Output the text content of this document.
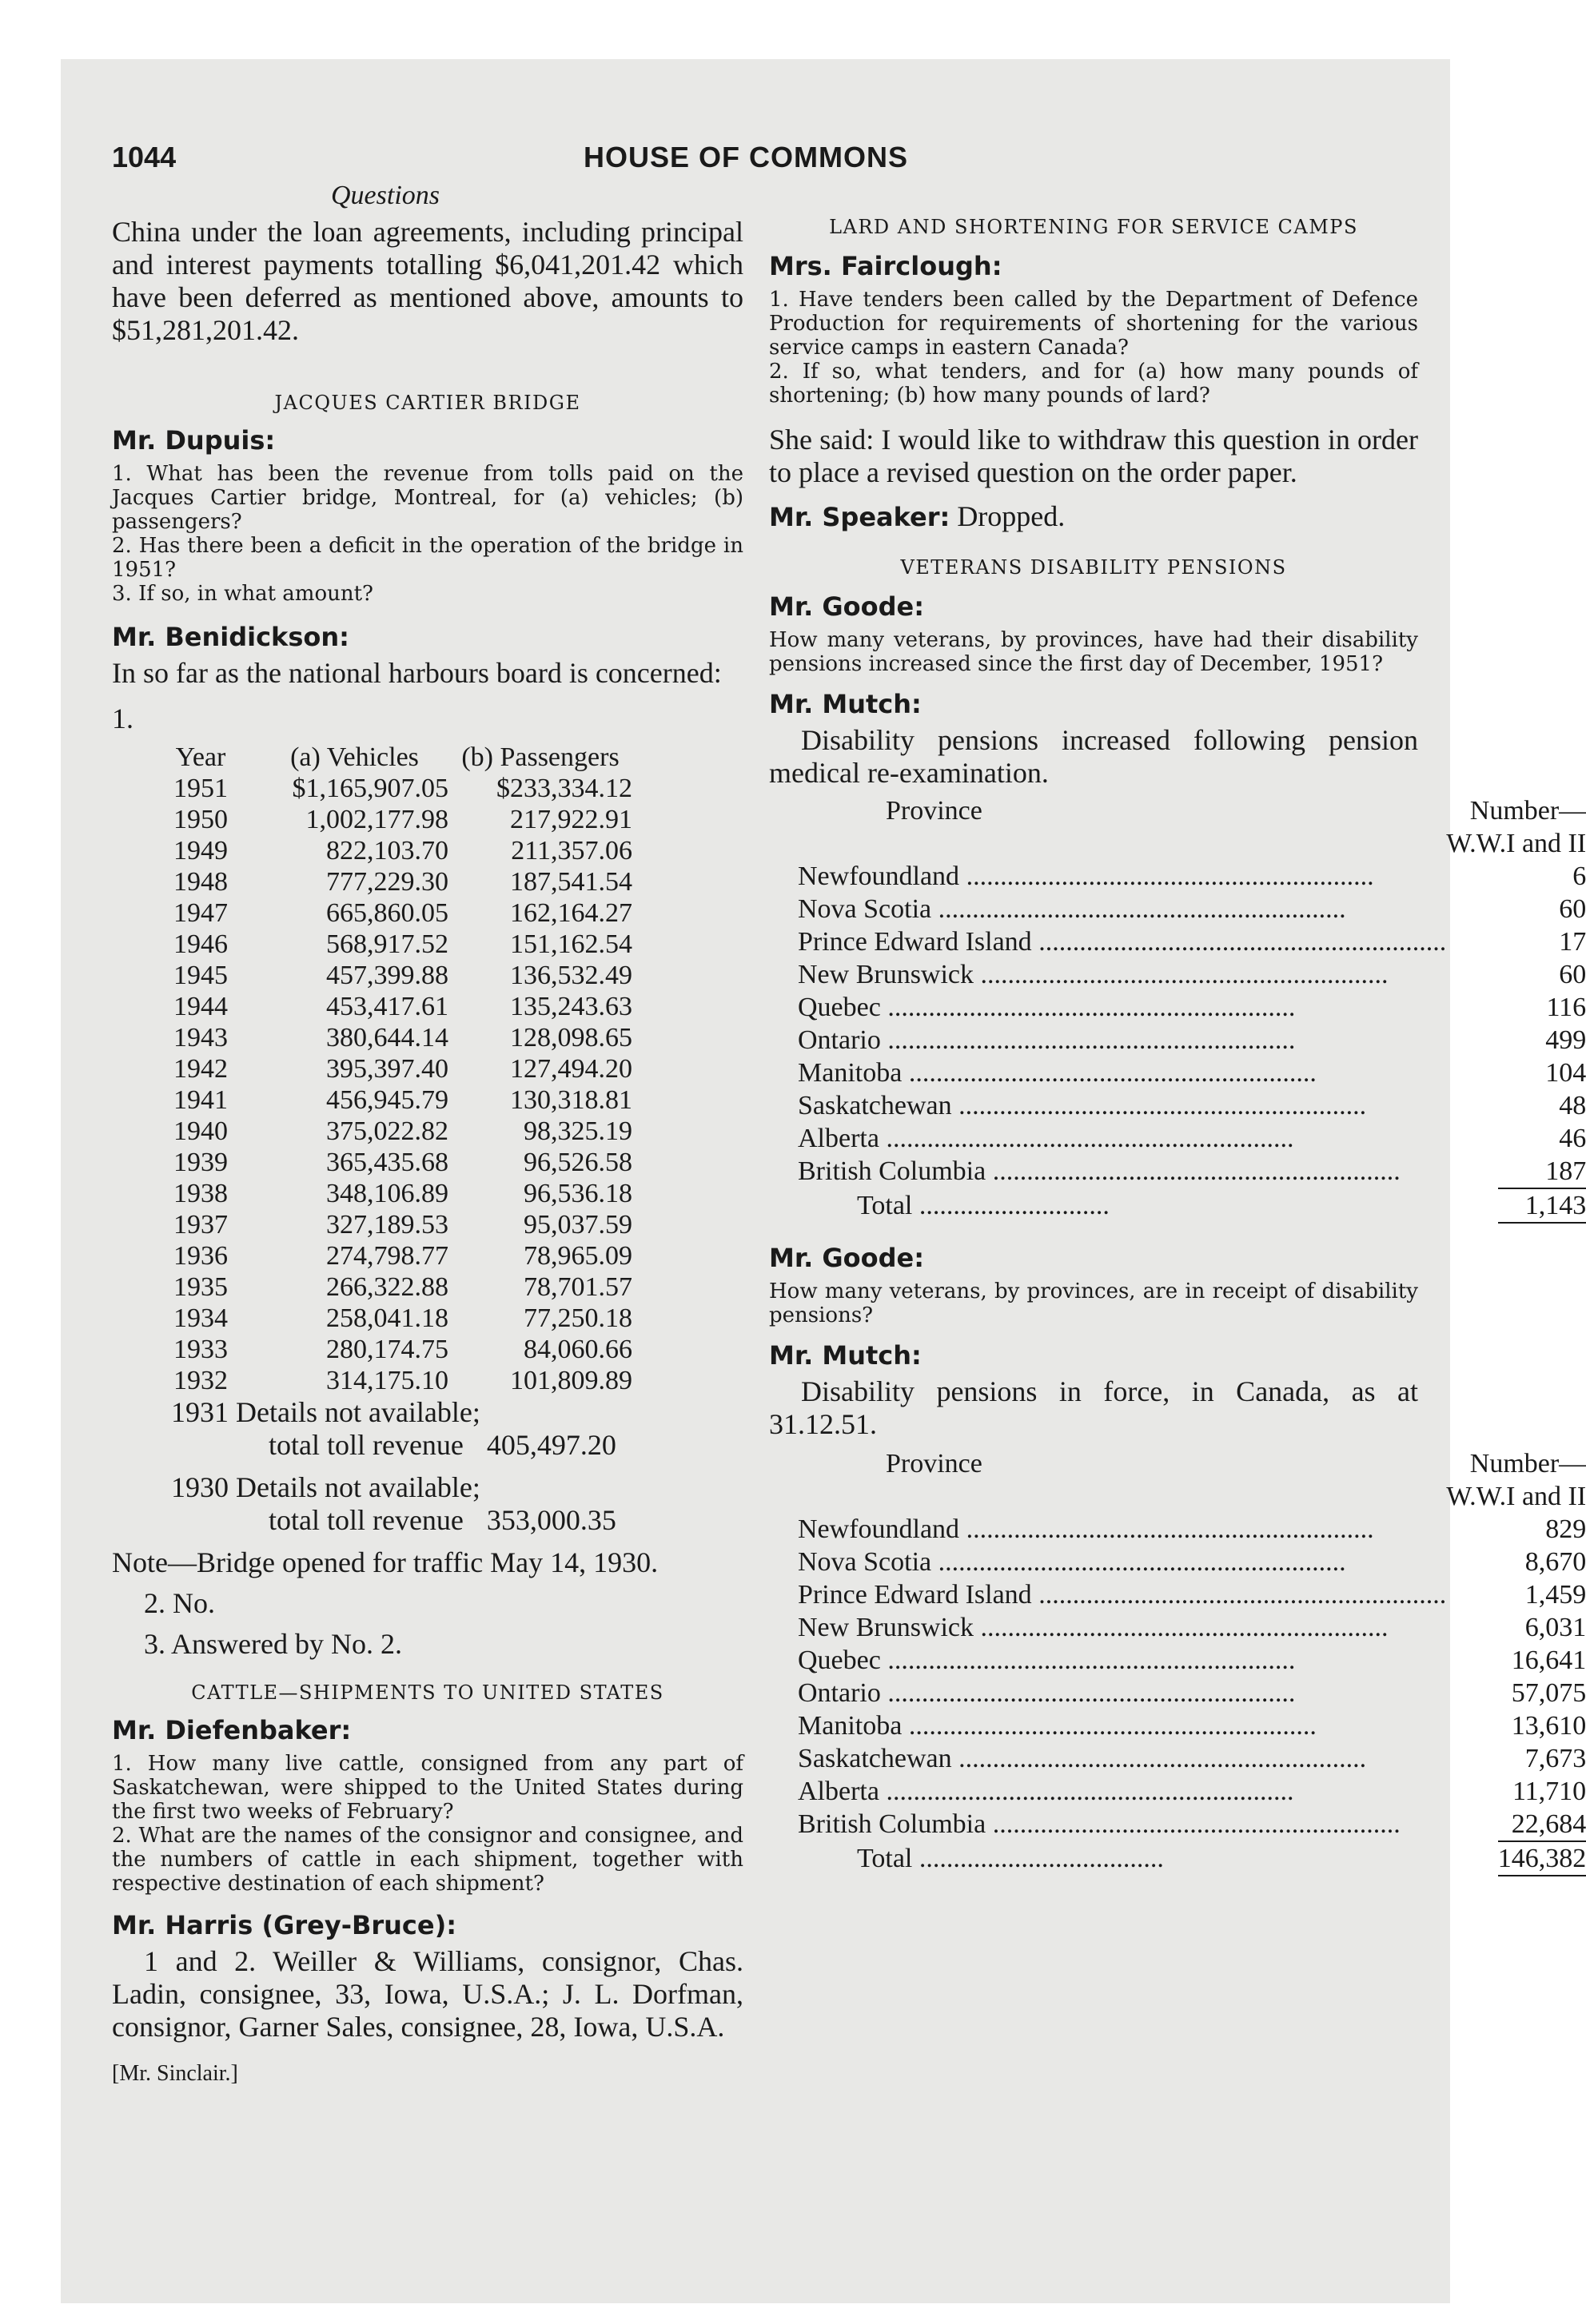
1044	HOUSE OF COMMONS
Questions

China under the loan agreements, including principal and interest payments totalling $6,041,201.42 which have been deferred as mentioned above, amounts to $51,281,201.42.

JACQUES CARTIER BRIDGE

Mr. Dupuis:

1. What has been the revenue from tolls paid on the Jacques Cartier bridge, Montreal, for (a) vehicles; (b) passengers?

2. Has there been a deficit in the operation of the bridge in 1951?

3. If so, in what amount?

Mr. Benidickson:

In so far as the national harbours board is concerned:

1.

Year	(a) Vehicles	(b) Passengers
1951	$1,165,907.05	$233,334.12
1950	1,002,177.98	217,922.91
1949	822,103.70	211,357.06
1948	777,229.30	187,541.54
1947	665,860.05	162,164.27
1946	568,917.52	151,162.54
1945	457,399.88	136,532.49
1944	453,417.61	135,243.63
1943	380,644.14	128,098.65
1942	395,397.40	127,494.20
1941	456,945.79	130,318.81
1940	375,022.82	98,325.19
1939	365,435.68	96,526.58
1938	348,106.89	96,536.18
1937	327,189.53	95,037.59
1936	274,798.77	78,965.09
1935	266,322.88	78,701.57
1934	258,041.18	77,250.18
1933	280,174.75	84,060.66
1932	314,175.10	101,809.89
1931 Details not available;
total toll revenue 405,497.20
1930 Details not available;
total toll revenue 353,000.35

Note—Bridge opened for traffic May 14, 1930.

2. No.

3. Answered by No. 2.

CATTLE—SHIPMENTS TO UNITED STATES

Mr. Diefenbaker:

1. How many live cattle, consigned from any part of Saskatchewan, were shipped to the United States during the first two weeks of February?

2. What are the names of the consignor and consignee, and the numbers of cattle in each shipment, together with respective destination of each shipment?

Mr. Harris (Grey-Bruce):

1 and 2. Weiller & Williams, consignor, Chas. Ladin, consignee, 33, Iowa, U.S.A.; J. L. Dorfman, consignor, Garner Sales, consignee, 28, Iowa, U.S.A.

[Mr. Sinclair.]

LARD AND SHORTENING FOR SERVICE CAMPS

Mrs. Fairclough:

1. Have tenders been called by the Department of Defence Production for requirements of shortening for the various service camps in eastern Canada?

2. If so, what tenders, and for (a) how many pounds of shortening; (b) how many pounds of lard?

She said: I would like to withdraw this question in order to place a revised question on the order paper.

Mr. Speaker: Dropped.

VETERANS DISABILITY PENSIONS

Mr. Goode:

How many veterans, by provinces, have had their disability pensions increased since the first day of December, 1951?

Mr. Mutch:

Disability pensions increased following pension medical re-examination.

Province	Number—
	W.W.I and II
Newfoundland ............................................................	6
Nova Scotia ............................................................	60
Prince Edward Island ............................................................	17
New Brunswick ............................................................	60
Quebec ............................................................	116
Ontario ............................................................	499
Manitoba ............................................................	104
Saskatchewan ............................................................	48
Alberta ............................................................	46
British Columbia ............................................................	187

Total ............................	1,143

Mr. Goode:

How many veterans, by provinces, are in receipt of disability pensions?

Mr. Mutch:

Disability pensions in force, in Canada, as at 31.12.51.

Province	Number—
	W.W.I and II
Newfoundland ............................................................	829
Nova Scotia ............................................................	8,670
Prince Edward Island ............................................................	1,459
New Brunswick ............................................................	6,031
Quebec ............................................................	16,641
Ontario ............................................................	57,075
Manitoba ............................................................	13,610
Saskatchewan ............................................................	7,673
Alberta ............................................................	11,710
British Columbia ............................................................	22,684

Total ....................................	146,382
